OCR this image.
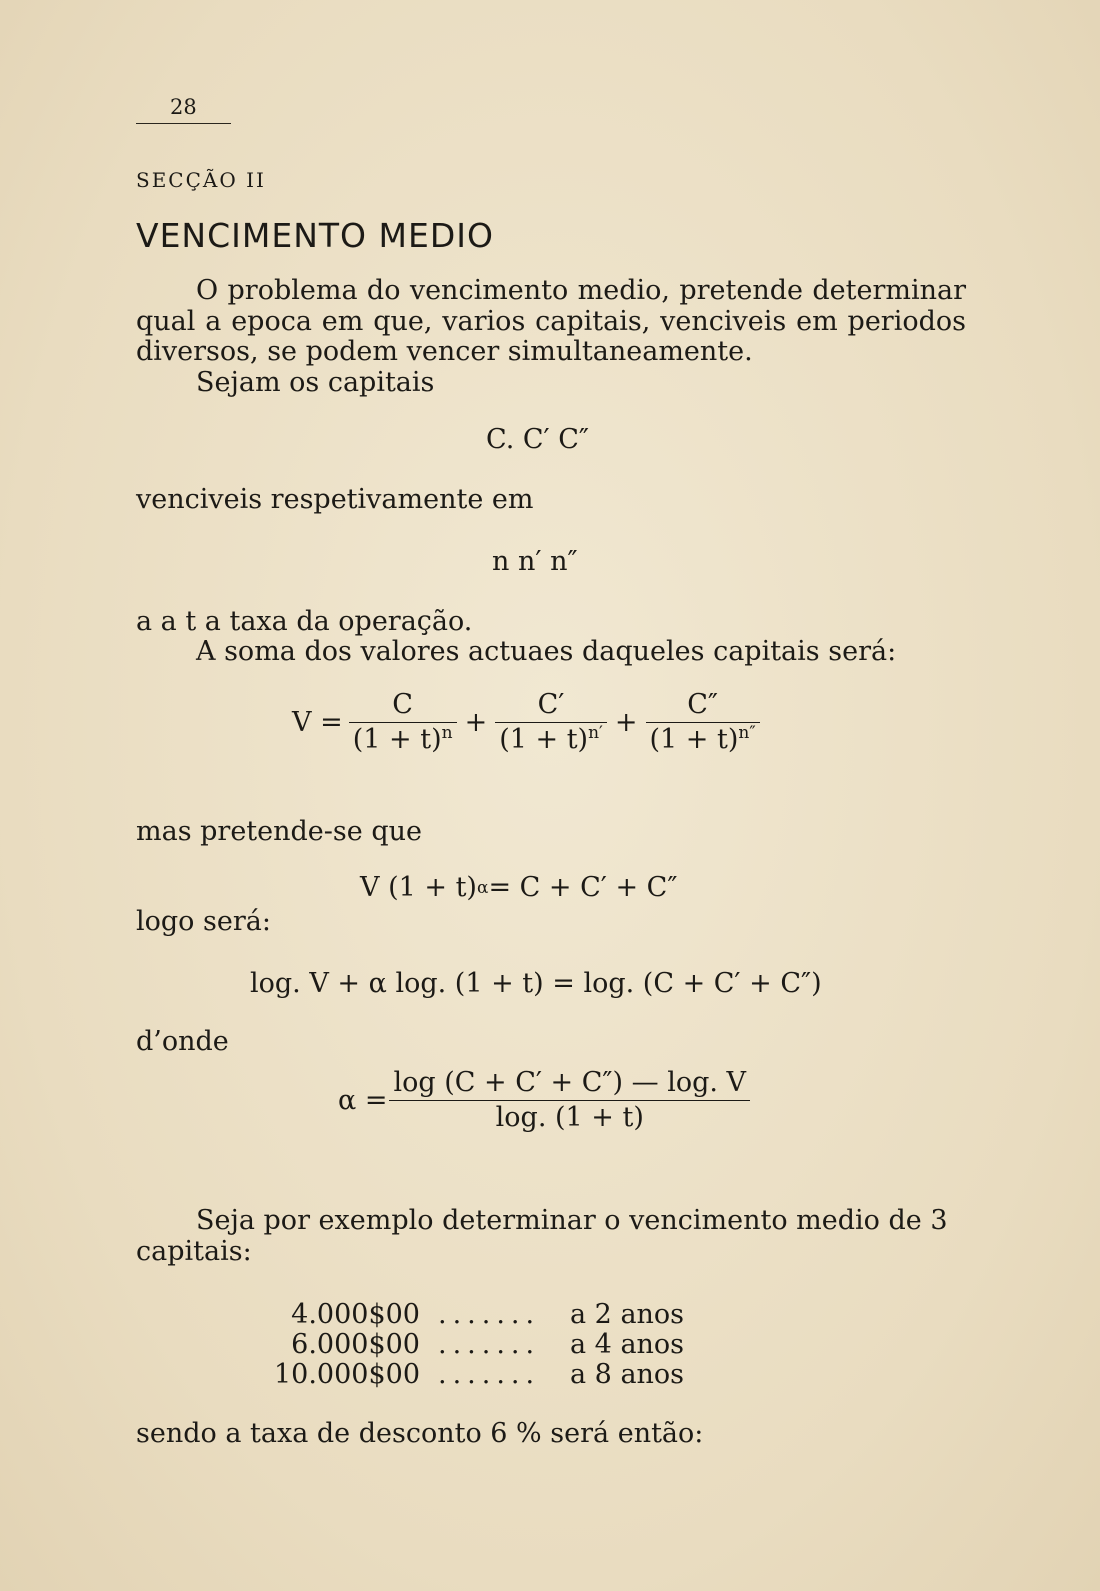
28
SECÇÃO II
VENCIMENTO MEDIO

O problema do vencimento medio, pretende determinar qual a epoca em que, varios capitais, venciveis em periodos diversos, se podem vencer simultaneamente.

Sejam os capitais

C. C′ C″
venciveis respetivamente em
n n′ n″
a a t a taxa da operação.
A soma dos valores actuaes daqueles capitais será:
$V = \frac{C}{(1 + t)^n} + \frac{C'}{(1 + t)^{n'}} + \frac{C''}{(1 + t)^{n''}}$
mas pretende-se que
V (1 + t) α = C + C′ + C″
logo será:
log. V + α log. (1 + t) = log. (C + C′ + C″)
d’onde
$\alpha = \frac{\log (C + C' + C'') — \log. V}{\log. (1 + t)}$

Seja por exemplo determinar o vencimento medio de 3 capitais:

4.000$00 .......	a 2 anos
6.000$00 .......	a 4 anos
10.000$00 .......	a 8 anos
sendo a taxa de desconto 6 % será então:
